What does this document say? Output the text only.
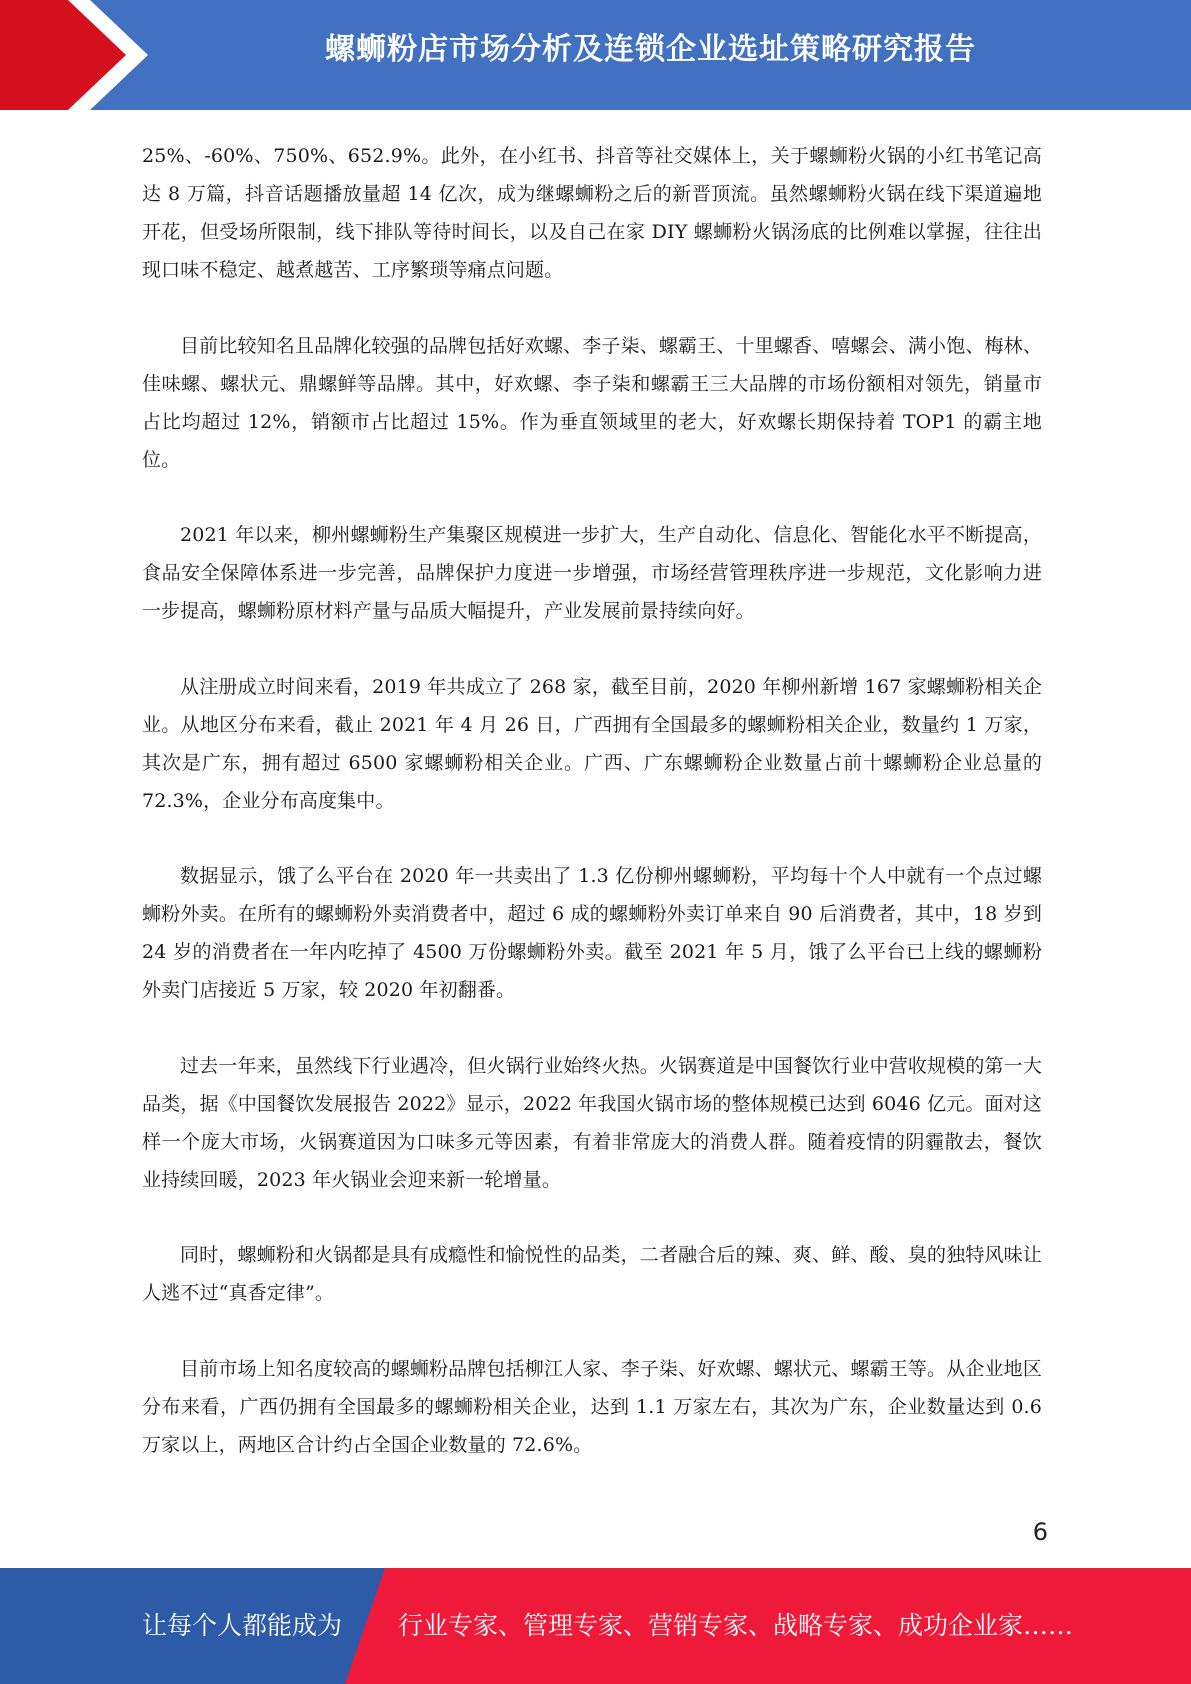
螺蛳粉店市场分析及连锁企业选址策略研究报告

25%、-60%、750%、652.9%。此外，在小红书、抖音等社交媒体上，关于螺蛳粉火锅的小红书笔记高达 8 万篇，抖音话题播放量超 14 亿次，成为继螺蛳粉之后的新晋顶流。虽然螺蛳粉火锅在线下渠道遍地开花，但受场所限制，线下排队等待时间长，以及自己在家 DIY 螺蛳粉火锅汤底的比例难以掌握，往往出现口味不稳定、越煮越苦、工序繁琐等痛点问题。

目前比较知名且品牌化较强的品牌包括好欢螺、李子柒、螺霸王、十里螺香、嘻螺会、满小饱、梅林、佳味螺、螺状元、鼎螺鲜等品牌。其中，好欢螺、李子柒和螺霸王三大品牌的市场份额相对领先，销量市占比均超过 12%，销额市占比超过 15%。作为垂直领域里的老大，好欢螺长期保持着 TOP1 的霸主地位。

2021 年以来，柳州螺蛳粉生产集聚区规模进一步扩大，生产自动化、信息化、智能化水平不断提高，食品安全保障体系进一步完善，品牌保护力度进一步增强，市场经营管理秩序进一步规范，文化影响力进一步提高，螺蛳粉原材料产量与品质大幅提升，产业发展前景持续向好。

从注册成立时间来看，2019 年共成立了 268 家，截至目前，2020 年柳州新增 167 家螺蛳粉相关企业。从地区分布来看，截止 2021 年 4 月 26 日，广西拥有全国最多的螺蛳粉相关企业，数量约 1 万家，其次是广东，拥有超过 6500 家螺蛳粉相关企业。广西、广东螺蛳粉企业数量占前十螺蛳粉企业总量的 72.3%，企业分布高度集中。

数据显示，饿了么平台在 2020 年一共卖出了 1.3 亿份柳州螺蛳粉，平均每十个人中就有一个点过螺蛳粉外卖。在所有的螺蛳粉外卖消费者中，超过 6 成的螺蛳粉外卖订单来自 90 后消费者，其中，18 岁到 24 岁的消费者在一年内吃掉了 4500 万份螺蛳粉外卖。截至 2021 年 5 月，饿了么平台已上线的螺蛳粉外卖门店接近 5 万家，较 2020 年初翻番。

过去一年来，虽然线下行业遇冷，但火锅行业始终火热。火锅赛道是中国餐饮行业中营收规模的第一大品类，据《中国餐饮发展报告 2022》显示，2022 年我国火锅市场的整体规模已达到 6046 亿元。面对这样一个庞大市场，火锅赛道因为口味多元等因素，有着非常庞大的消费人群。随着疫情的阴霾散去，餐饮业持续回暖，2023 年火锅业会迎来新一轮增量。

同时，螺蛳粉和火锅都是具有成瘾性和愉悦性的品类，二者融合后的辣、爽、鲜、酸、臭的独特风味让人逃不过“真香定律”。

目前市场上知名度较高的螺蛳粉品牌包括柳江人家、李子柒、好欢螺、螺状元、螺霸王等。从企业地区分布来看，广西仍拥有全国最多的螺蛳粉相关企业，达到 1.1 万家左右，其次为广东，企业数量达到 0.6 万家以上，两地区合计约占全国企业数量的 72.6%。

6
让每个人都能成为 行业专家、管理专家、营销专家、战略专家、成功企业家……
